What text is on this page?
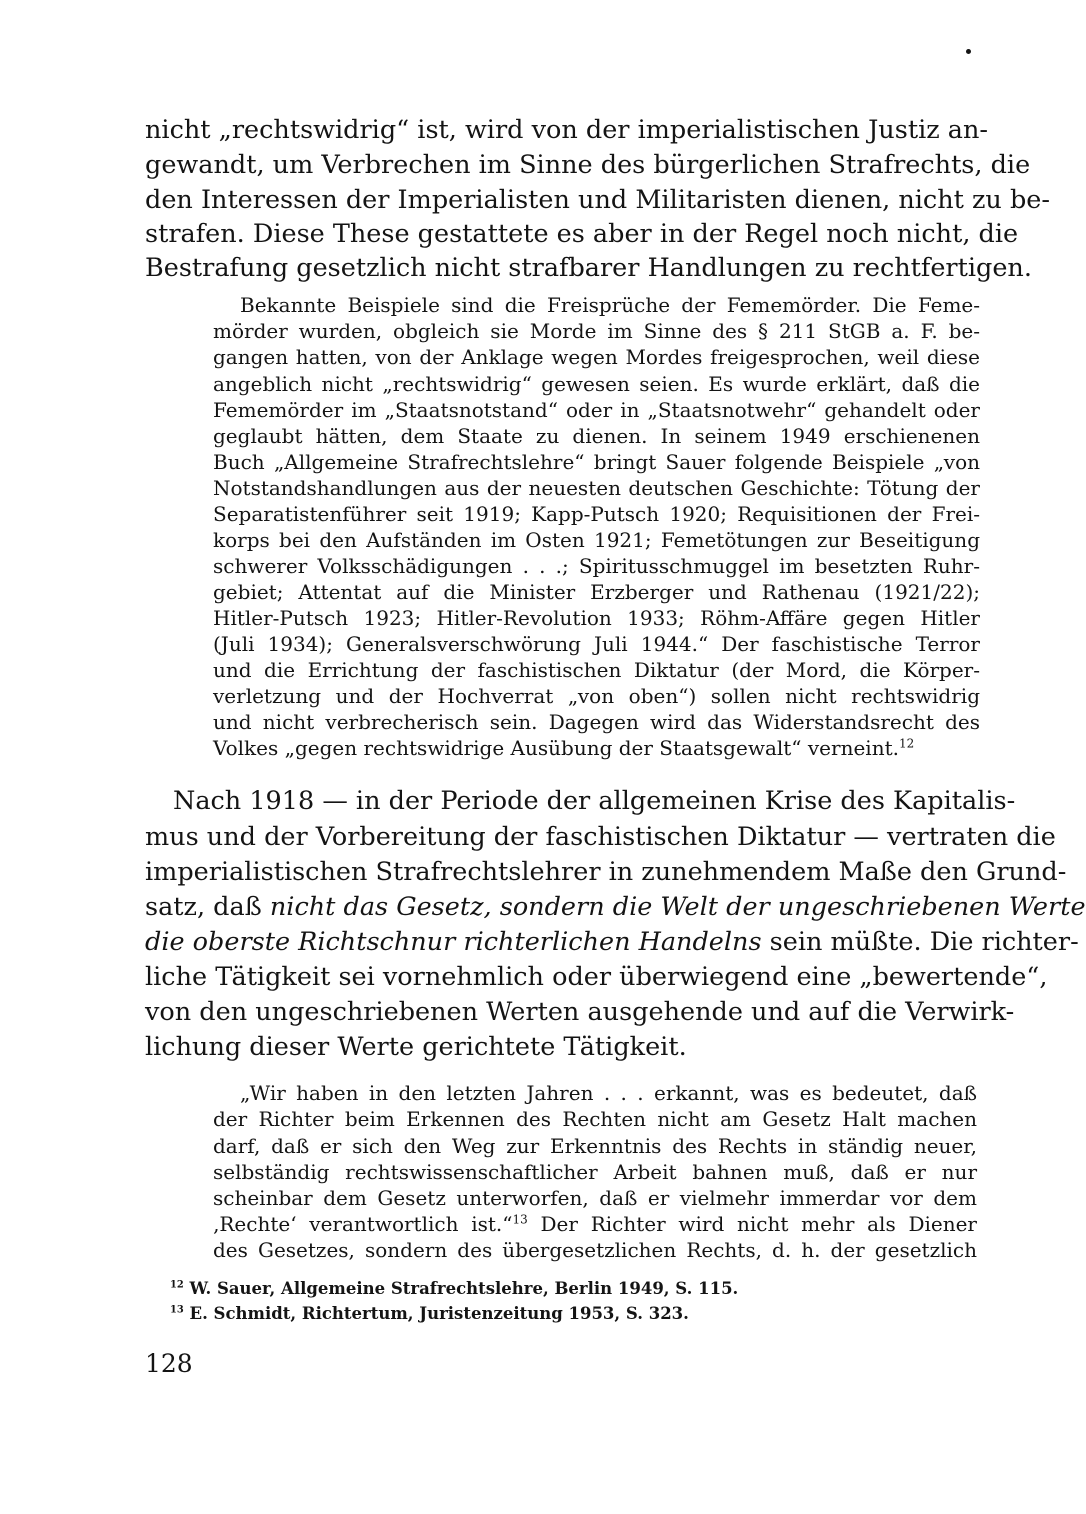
nicht „rechtswidrig“ ist, wird von der imperialistischen Justiz an-
gewandt, um Verbrechen im Sinne des bürgerlichen Strafrechts, die
den Interessen der Imperialisten und Militaristen dienen, nicht zu be-
strafen. Diese These gestattete es aber in der Regel noch nicht, die
Bestrafung gesetzlich nicht strafbarer Handlungen zu rechtfertigen.
Bekannte Beispiele sind die Freisprüche der Fememörder. Die Feme-
mörder wurden, obgleich sie Morde im Sinne des § 211 StGB a. F. be-
gangen hatten, von der Anklage wegen Mordes freigesprochen, weil diese
angeblich nicht „rechtswidrig“ gewesen seien. Es wurde erklärt, daß die
Fememörder im „Staatsnotstand“ oder in „Staatsnotwehr“ gehandelt oder
geglaubt hätten, dem Staate zu dienen. In seinem 1949 erschienenen
Buch „Allgemeine Strafrechtslehre“ bringt Sauer folgende Beispiele „von
Notstandshandlungen aus der neuesten deutschen Geschichte: Tötung der
Separatistenführer seit 1919; Kapp-Putsch 1920; Requisitionen der Frei-
korps bei den Aufständen im Osten 1921; Femetötungen zur Beseitigung
schwerer Volksschädigungen . . .; Spiritusschmuggel im besetzten Ruhr-
gebiet; Attentat auf die Minister Erzberger und Rathenau (1921/22);
Hitler-Putsch 1923; Hitler-Revolution 1933; Röhm-Affäre gegen Hitler
(Juli 1934); Generalsverschwörung Juli 1944.“ Der faschistische Terror
und die Errichtung der faschistischen Diktatur (der Mord, die Körper-
verletzung und der Hochverrat „von oben“) sollen nicht rechtswidrig
und nicht verbrecherisch sein. Dagegen wird das Widerstandsrecht des
Volkes „gegen rechtswidrige Ausübung der Staatsgewalt“ verneint.$^{12}$
Nach 1918 — in der Periode der allgemeinen Krise des Kapitalis-
mus und der Vorbereitung der faschistischen Diktatur — vertraten die
imperialistischen Strafrechtslehrer in zunehmendem Maße den Grund-
satz, daß nicht das Gesetz, sondern die Welt der ungeschriebenen Werte
die oberste Richtschnur richterlichen Handelns sein müßte. Die richter-
liche Tätigkeit sei vornehmlich oder überwiegend eine „bewertende“,
von den ungeschriebenen Werten ausgehende und auf die Verwirk-
lichung dieser Werte gerichtete Tätigkeit.
„Wir haben in den letzten Jahren . . . erkannt, was es bedeutet, daß
der Richter beim Erkennen des Rechten nicht am Gesetz Halt machen
darf, daß er sich den Weg zur Erkenntnis des Rechts in ständig neuer,
selbständig rechtswissenschaftlicher Arbeit bahnen muß, daß er nur
scheinbar dem Gesetz unterworfen, daß er vielmehr immerdar vor dem
‚Rechte‘ verantwortlich ist.“$^{13}$ Der Richter wird nicht mehr als Diener
des Gesetzes, sondern des übergesetzlichen Rechts, d. h. der gesetzlich
$^{12}$ W. Sauer, Allgemeine Strafrechtslehre, Berlin 1949, S. 115.
$^{13}$ E. Schmidt, Richtertum, Juristenzeitung 1953, S. 323.
128
